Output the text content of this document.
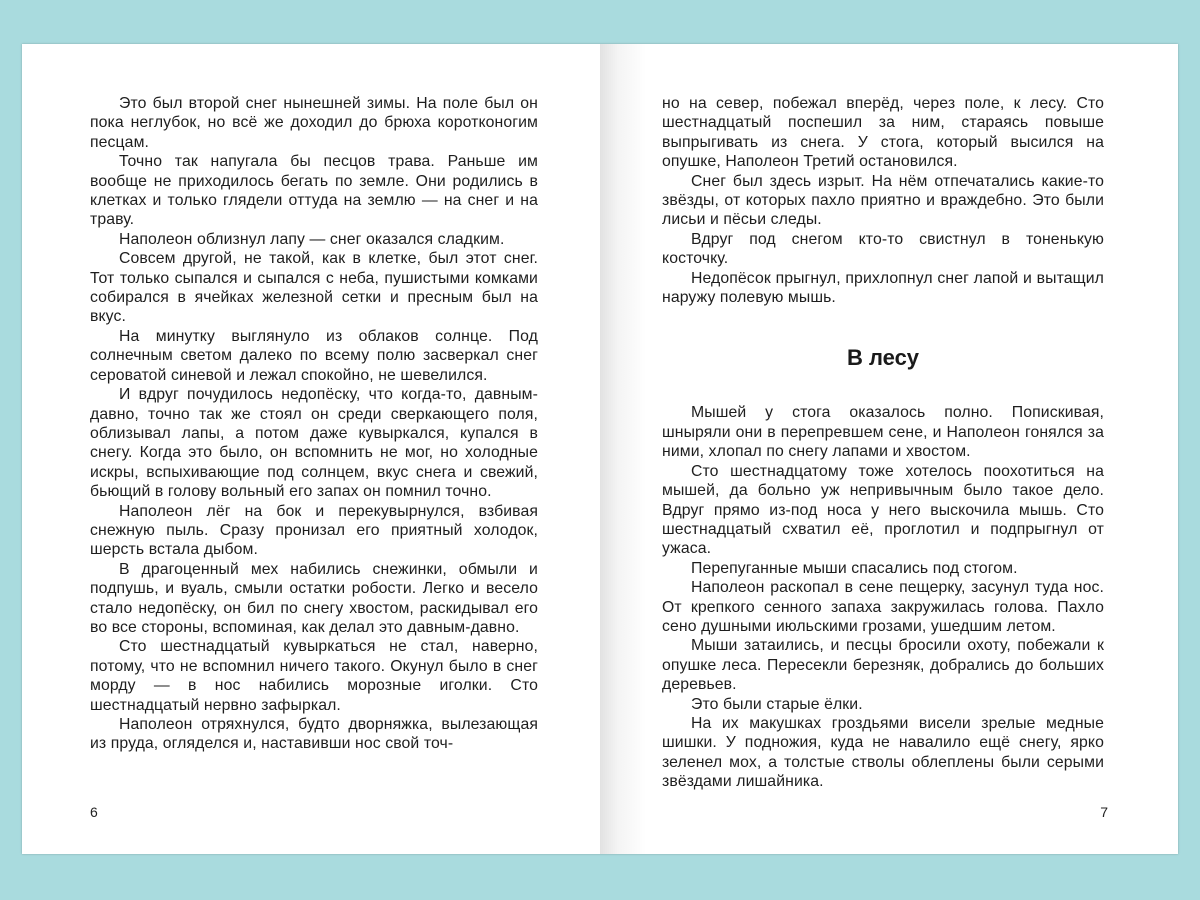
Это был второй снег нынешней зимы. На поле был он пока неглубок, но всё же доходил до брюха коротконогим песцам.

Точно так напугала бы песцов трава. Раньше им вообще не приходилось бегать по земле. Они родились в клетках и только глядели оттуда на землю — на снег и на траву.

Наполеон облизнул лапу — снег оказался сладким.

Совсем другой, не такой, как в клетке, был этот снег. Тот только сыпался и сыпался с неба, пушистыми комками собирался в ячейках железной сетки и пресным был на вкус.

На минутку выглянуло из облаков солнце. Под солнечным светом далеко по всему полю засверкал снег сероватой синевой и лежал спокойно, не шевелился.

И вдруг почудилось недопёску, что когда-то, давным-давно, точно так же стоял он среди сверкающего поля, облизывал лапы, а потом даже кувыркался, купался в снегу. Когда это было, он вспомнить не мог, но холодные искры, вспыхивающие под солнцем, вкус снега и свежий, бьющий в голову вольный его запах он помнил точно.

Наполеон лёг на бок и перекувырнулся, взбивая снежную пыль. Сразу пронизал его приятный холодок, шерсть встала дыбом.

В драгоценный мех набились снежинки, обмыли и подпушь, и вуаль, смыли остатки робости. Легко и весело стало недопёску, он бил по снегу хвостом, раскидывал его во все стороны, вспоминая, как делал это давным-давно.

Сто шестнадцатый кувыркаться не стал, наверно, потому, что не вспомнил ничего такого. Окунул было в снег морду — в нос набились морозные иголки. Сто шестнадцатый нервно зафыркал.

Наполеон отряхнулся, будто дворняжка, вылезающая из пруда, огляделся и, наставивши нос свой точ-

6

но на север, побежал вперёд, через поле, к лесу. Сто шестнадцатый поспешил за ним, стараясь повыше выпрыгивать из снега. У стога, который высился на опушке, Наполеон Третий остановился.

Снег был здесь изрыт. На нём отпечатались какие-то звёзды, от которых пахло приятно и враждебно. Это были лисьи и пёсьи следы.

Вдруг под снегом кто-то свистнул в тоненькую косточку.

Недопёсок прыгнул, прихлопнул снег лапой и вытащил наружу полевую мышь.

В лесу

Мышей у стога оказалось полно. Попискивая, шныряли они в перепревшем сене, и Наполеон гонялся за ними, хлопал по снегу лапами и хвостом.

Сто шестнадцатому тоже хотелось поохотиться на мышей, да больно уж непривычным было такое дело. Вдруг прямо из-под носа у него выскочила мышь. Сто шестнадцатый схватил её, проглотил и подпрыгнул от ужаса.

Перепуганные мыши спасались под стогом.

Наполеон раскопал в сене пещерку, засунул туда нос. От крепкого сенного запаха закружилась голова. Пахло сено душными июльскими грозами, ушедшим летом.

Мыши затаились, и песцы бросили охоту, побежали к опушке леса. Пересекли березняк, добрались до больших деревьев.

Это были старые ёлки.

На их макушках гроздьями висели зрелые медные шишки. У подножия, куда не навалило ещё снегу, ярко зеленел мох, а толстые стволы облеплены были серыми звёздами лишайника.

7
